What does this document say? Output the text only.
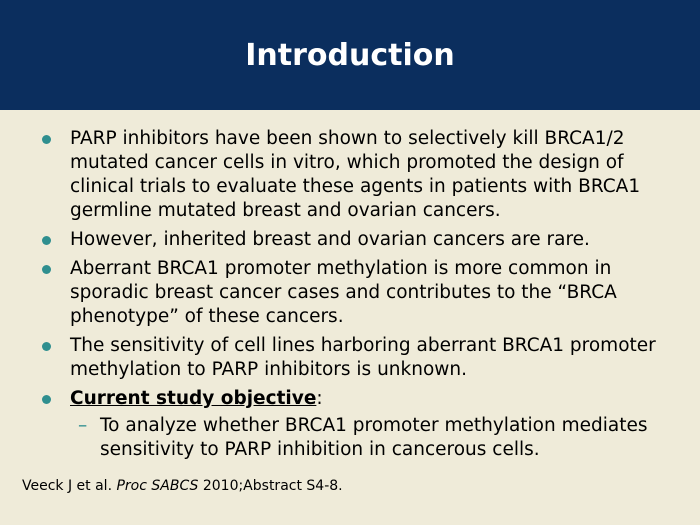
Introduction
PARP inhibitors have been shown to selectively kill BRCA1/2 mutated cancer cells in vitro, which promoted the design of clinical trials to evaluate these agents in patients with BRCA1 germline mutated breast and ovarian cancers.
However, inherited breast and ovarian cancers are rare.
Aberrant BRCA1 promoter methylation is more common in sporadic breast cancer cases and contributes to the “BRCA phenotype” of these cancers.
The sensitivity of cell lines harboring aberrant BRCA1 promoter methylation to PARP inhibitors is unknown.
Current study objective:
– To analyze whether BRCA1 promoter methylation mediates sensitivity to PARP inhibition in cancerous cells.
Veeck J et al. Proc SABCS 2010;Abstract S4-8.
